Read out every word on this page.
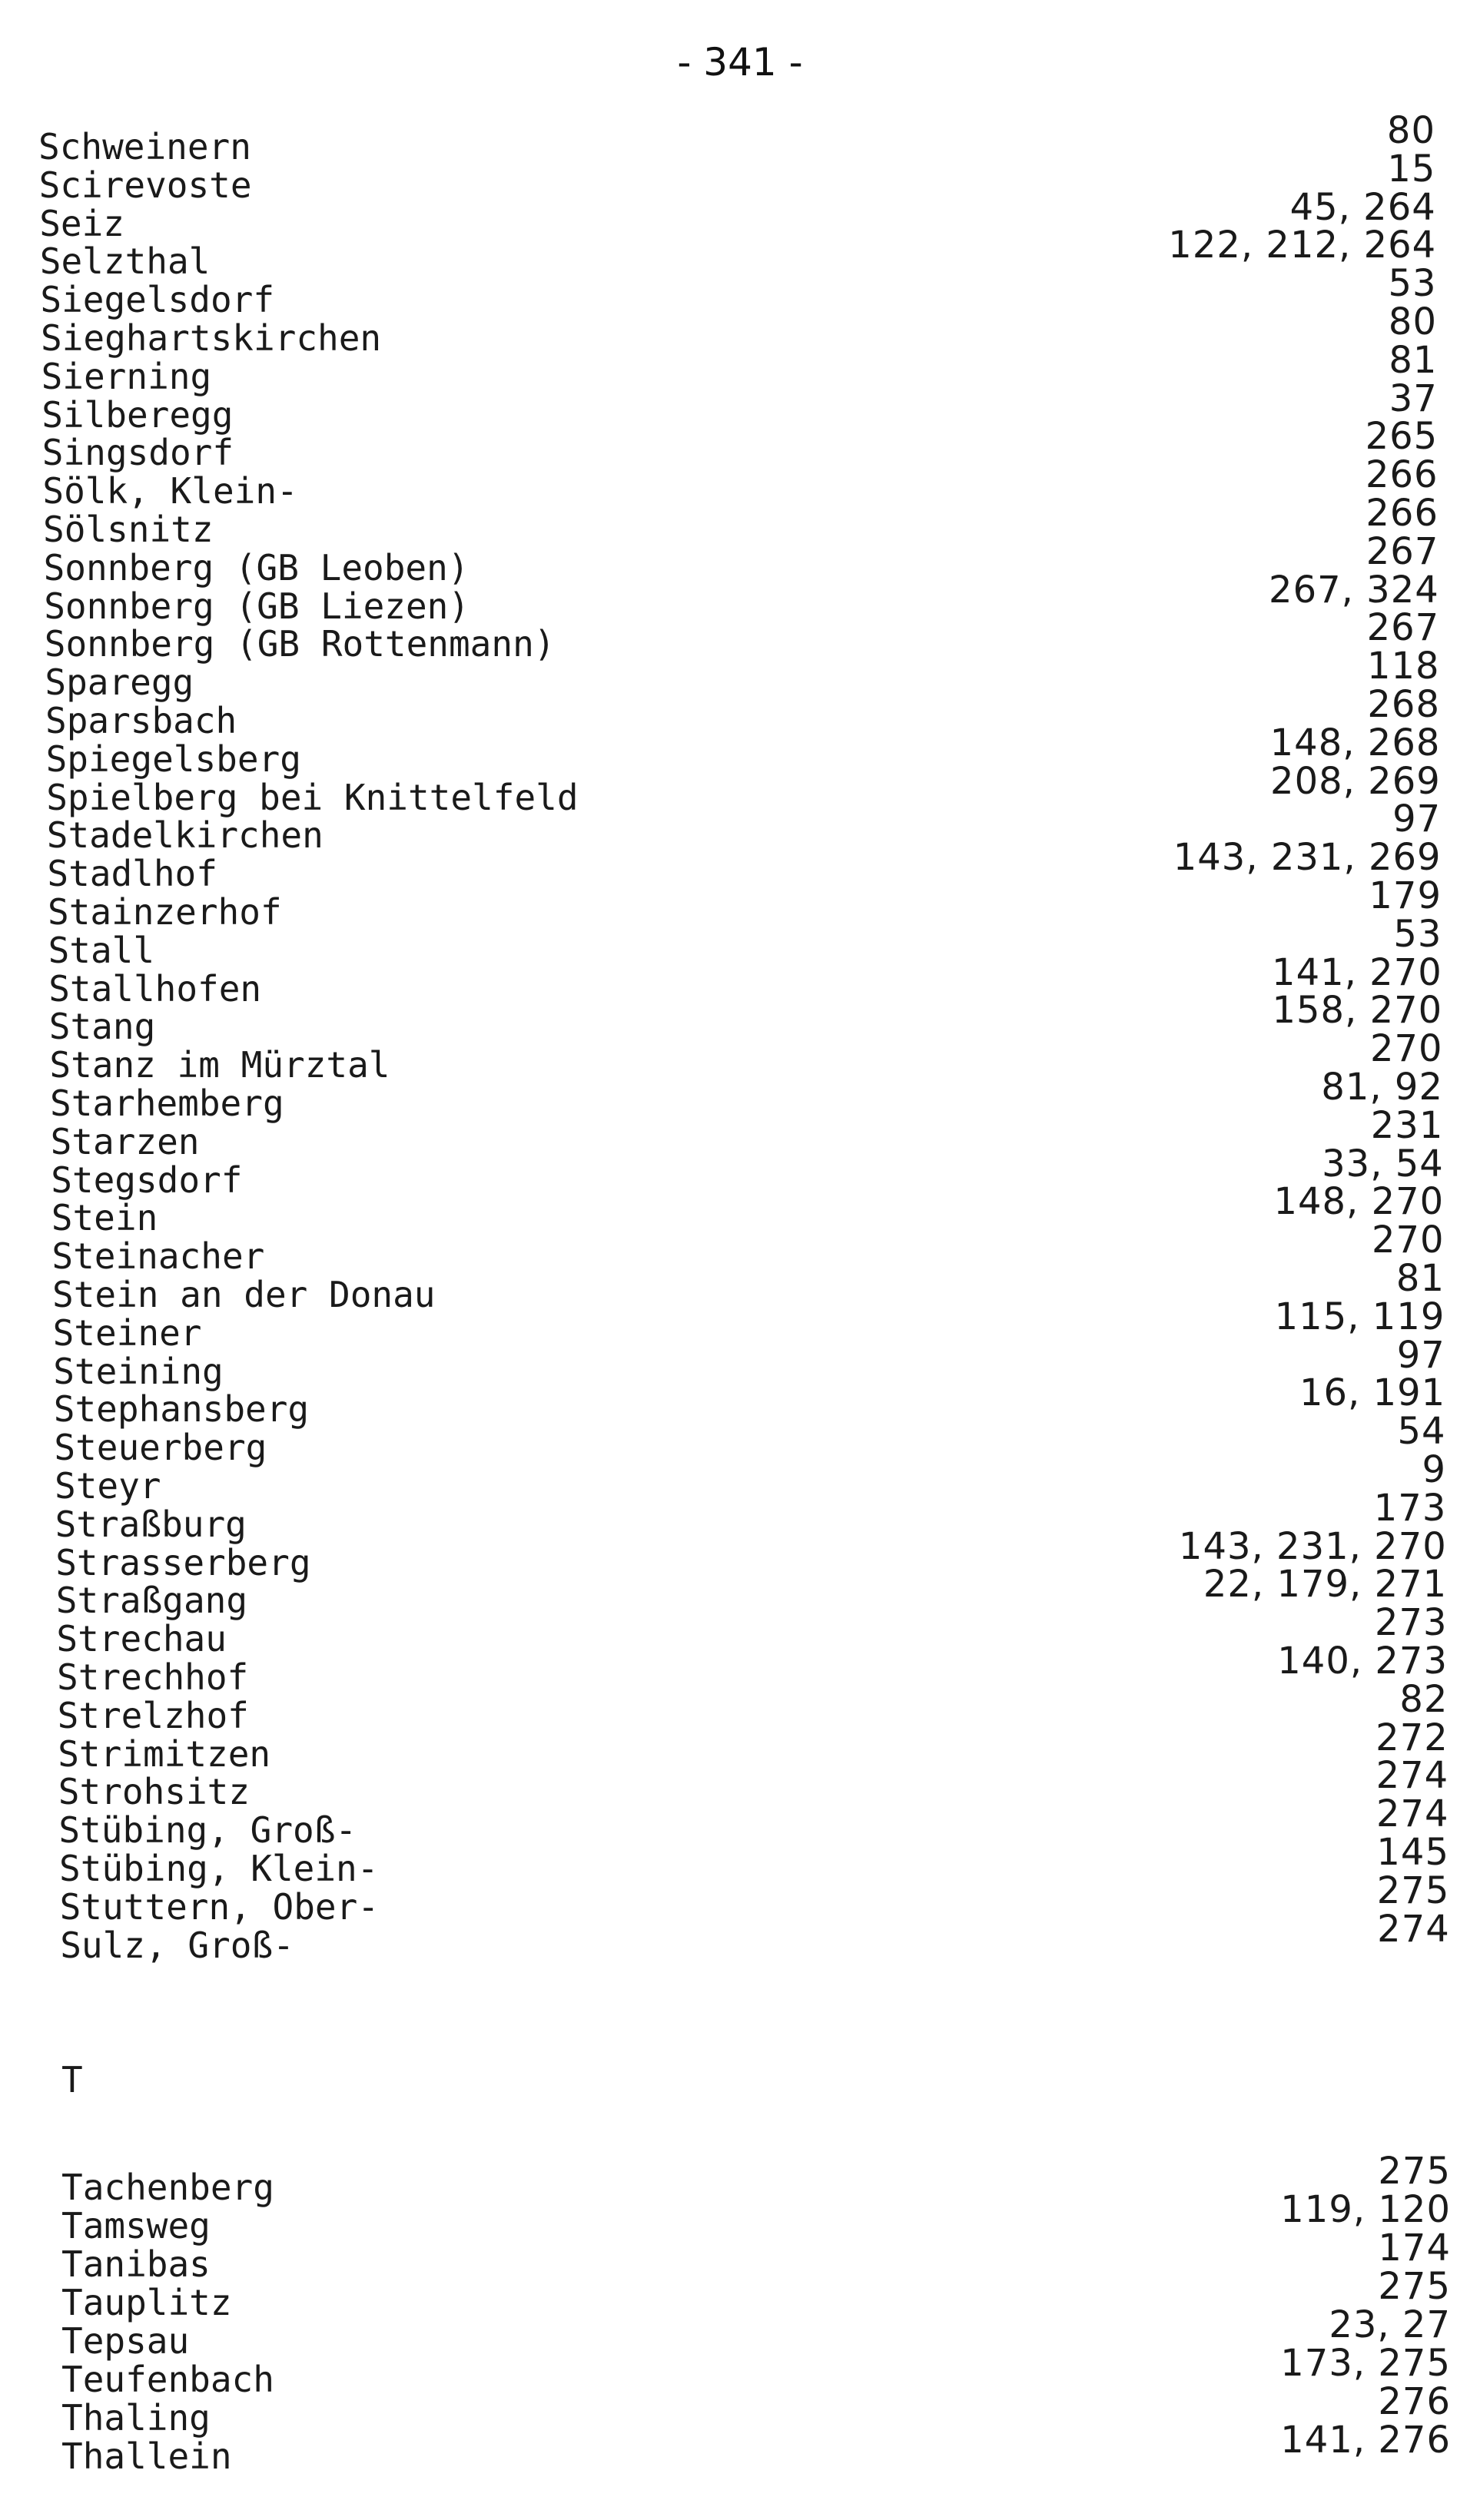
- 341 -
Schweinern	80
Scirevoste	15
Seiz	45, 264
Selzthal	122, 212, 264
Siegelsdorf	53
Sieghartskirchen	80
Sierning	81
Silberegg	37
Singsdorf	265
Sölk, Klein-	266
Sölsnitz	266
Sonnberg (GB Leoben)	267
Sonnberg (GB Liezen)	267, 324
Sonnberg (GB Rottenmann)	267
Sparegg	118
Sparsbach	268
Spiegelsberg	148, 268
Spielberg bei Knittelfeld	208, 269
Stadelkirchen	97
Stadlhof	143, 231, 269
Stainzerhof	179
Stall	53
Stallhofen	141, 270
Stang	158, 270
Stanz im Mürztal	270
Starhemberg	81, 92
Starzen	231
Stegsdorf	33, 54
Stein	148, 270
Steinacher	270
Stein an der Donau	81
Steiner	115, 119
Steining	97
Stephansberg	16, 191
Steuerberg	54
Steyr	9
Straßburg	173
Strasserberg	143, 231, 270
Straßgang	22, 179, 271
Strechau	273
Strechhof	140, 273
Strelzhof	82
Strimitzen	272
Strohsitz	274
Stübing, Groß-	274
Stübing, Klein-	145
Stuttern, Ober-	275
Sulz, Groß-	274
Tachenberg	275
Tamsweg	119, 120
Tanibas	174
Tauplitz	275
Tepsau	23, 27
Teufenbach	173, 275
Thaling	276
Thallein	141, 276
T
